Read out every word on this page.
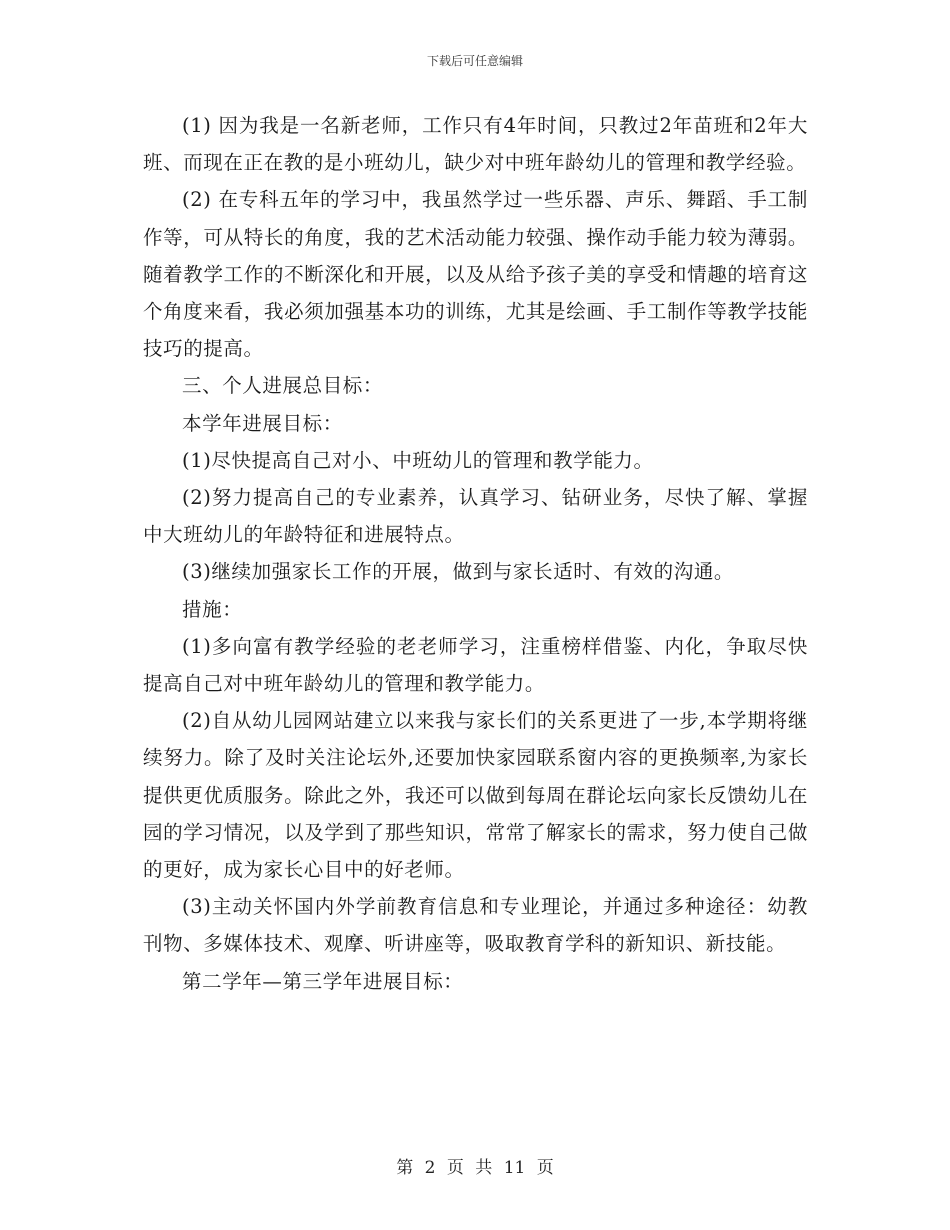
下载后可任意编辑

(1) 因为我是一名新老师，工作只有4年时间，只教过2年苗班和2年大班、而现在正在教的是小班幼儿，缺少对中班年龄幼儿的管理和教学经验。

(2) 在专科五年的学习中，我虽然学过一些乐器、声乐、舞蹈、手工制作等，可从特长的角度，我的艺术活动能力较强、操作动手能力较为薄弱。随着教学工作的不断深化和开展，以及从给予孩子美的享受和情趣的培育这个角度来看，我必须加强基本功的训练，尤其是绘画、手工制作等教学技能技巧的提高。

三、个人进展总目标：

本学年进展目标：

(1)尽快提高自己对小、中班幼儿的管理和教学能力。

(2)努力提高自己的专业素养，认真学习、钻研业务，尽快了解、掌握中大班幼儿的年龄特征和进展特点。

(3)继续加强家长工作的开展，做到与家长适时、有效的沟通。

措施：

(1)多向富有教学经验的老老师学习，注重榜样借鉴、内化，争取尽快提高自己对中班年龄幼儿的管理和教学能力。

(2)自从幼儿园网站建立以来我与家长们的关系更进了一步,本学期将继续努力。除了及时关注论坛外,还要加快家园联系窗内容的更换频率,为家长提供更优质服务。除此之外，我还可以做到每周在群论坛向家长反馈幼儿在园的学习情况，以及学到了那些知识，常常了解家长的需求，努力使自己做的更好，成为家长心目中的好老师。

(3)主动关怀国内外学前教育信息和专业理论，并通过多种途径：幼教刊物、多媒体技术、观摩、听讲座等，吸取教育学科的新知识、新技能。

第二学年—第三学年进展目标：

第 2 页 共 11 页
